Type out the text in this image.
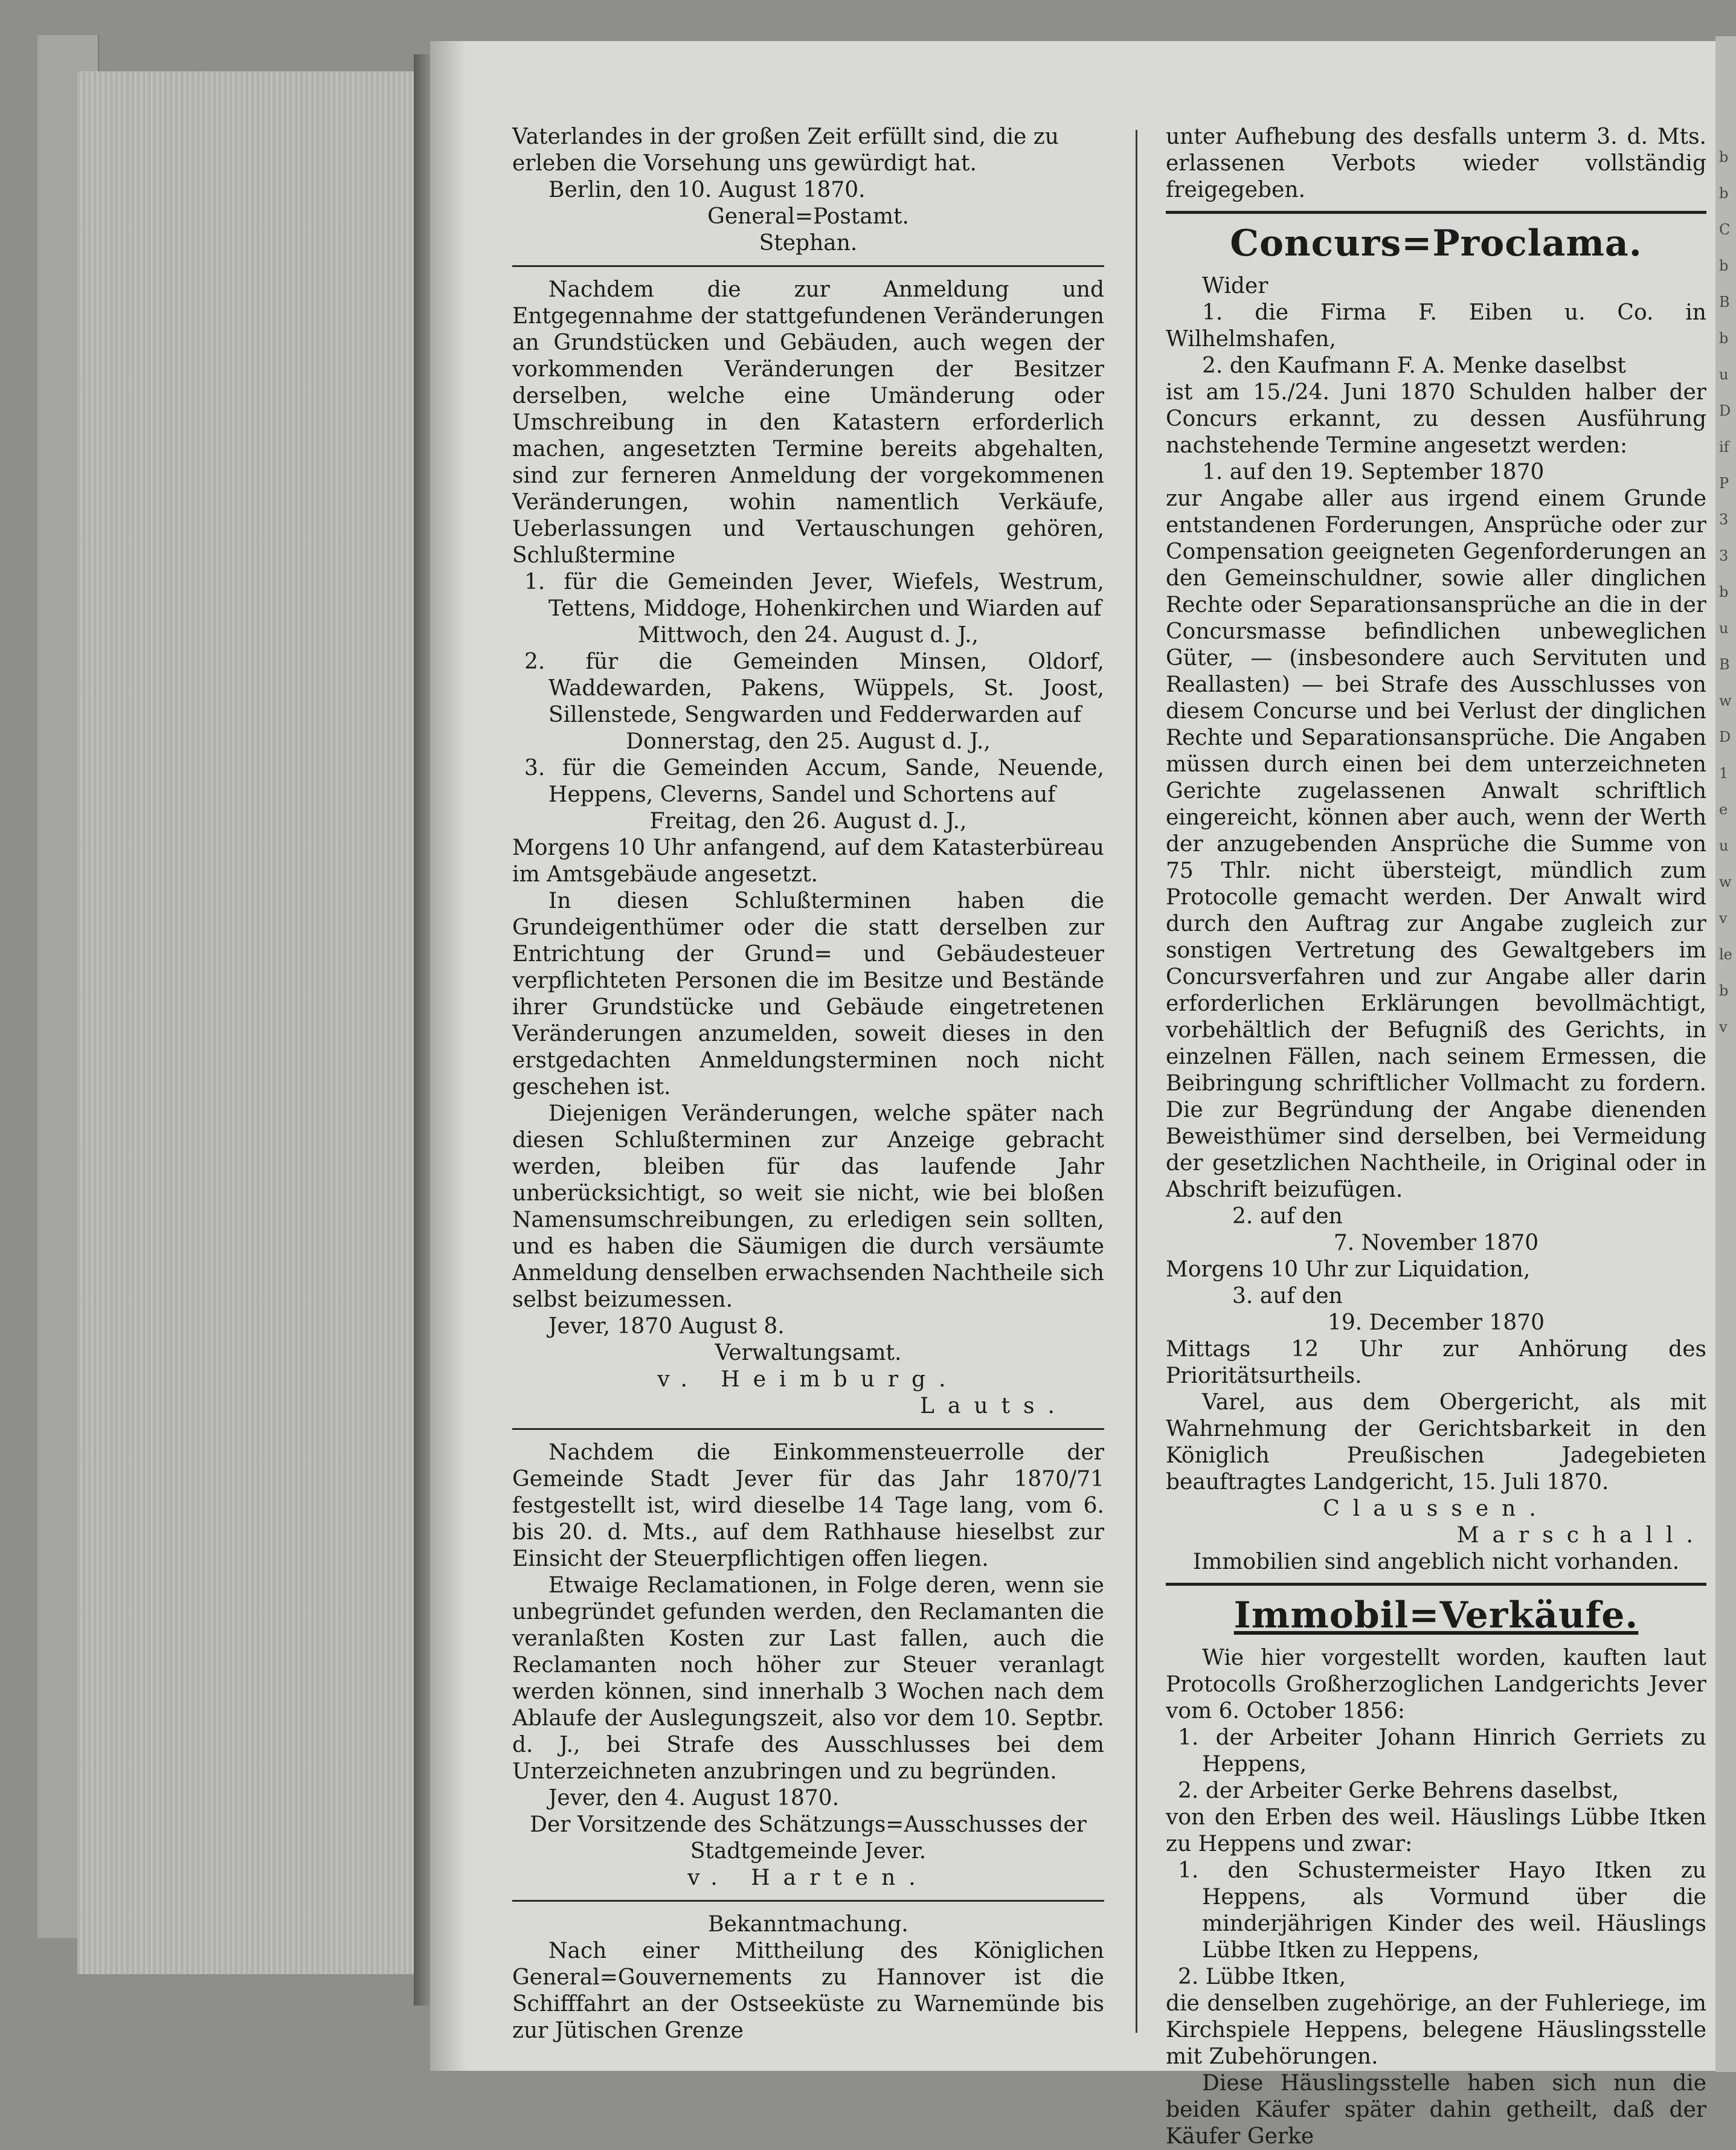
b
b
C
b
B
b
u
D
if
P
3
3
b
u
B
w
D
1
e
u
w
v
le
b
v

Vaterlandes in der großen Zeit erfüllt sind, die zu

erleben die Vorsehung uns gewürdigt hat.

Berlin, den 10. August 1870.

General=Postamt.

Stephan.

Nachdem die zur Anmeldung und Entgegennahme der stattgefundenen Veränderungen an Grundstücken und Gebäuden, auch wegen der vorkommenden Veränderungen der Besitzer derselben, welche eine Umänderung oder Umschreibung in den Katastern erforderlich machen, angesetzten Termine bereits abgehalten, sind zur ferneren Anmeldung der vorgekommenen Veränderungen, wohin namentlich Verkäufe, Ueberlassungen und Vertauschungen gehören, Schlußtermine

1. für die Gemeinden Jever, Wiefels, Westrum, Tettens, Middoge, Hohenkirchen und Wiarden auf

Mittwoch, den 24. August d. J.,

2. für die Gemeinden Minsen, Oldorf, Waddewarden, Pakens, Wüppels, St. Joost, Sillenstede, Sengwarden und Fedderwarden auf

Donnerstag, den 25. August d. J.,

3. für die Gemeinden Accum, Sande, Neuende, Heppens, Cleverns, Sandel und Schortens auf

Freitag, den 26. August d. J.,

Morgens 10 Uhr anfangend, auf dem Katasterbüreau im Amtsgebäude angesetzt.

In diesen Schlußterminen haben die Grundeigenthümer oder die statt derselben zur Entrichtung der Grund= und Gebäudesteuer verpflichteten Personen die im Besitze und Bestände ihrer Grundstücke und Gebäude eingetretenen Veränderungen anzumelden, soweit dieses in den erstgedachten Anmeldungsterminen noch nicht geschehen ist.

Diejenigen Veränderungen, welche später nach diesen Schlußterminen zur Anzeige gebracht werden, bleiben für das laufende Jahr unberücksichtigt, so weit sie nicht, wie bei bloßen Namensumschreibungen, zu erledigen sein sollten, und es haben die Säumigen die durch versäumte Anmeldung denselben erwachsenden Nachtheile sich selbst beizumessen.

Jever, 1870 August 8.

Verwaltungsamt.

v. Heimburg.

Lauts.

Nachdem die Einkommensteuerrolle der Gemeinde Stadt Jever für das Jahr 1870/71 festgestellt ist, wird dieselbe 14 Tage lang, vom 6. bis 20. d. Mts., auf dem Rathhause hieselbst zur Einsicht der Steuerpflichtigen offen liegen.

Etwaige Reclamationen, in Folge deren, wenn sie unbegründet gefunden werden, den Reclamanten die veranlaßten Kosten zur Last fallen, auch die Reclamanten noch höher zur Steuer veranlagt werden können, sind innerhalb 3 Wochen nach dem Ablaufe der Auslegungszeit, also vor dem 10. Septbr. d. J., bei Strafe des Ausschlusses bei dem Unterzeichneten anzubringen und zu begründen.

Jever, den 4. August 1870.

Der Vorsitzende des Schätzungs=Ausschusses der Stadtgemeinde Jever.

v. Harten.

Bekanntmachung.

Nach einer Mittheilung des Königlichen General=Gouvernements zu Hannover ist die Schifffahrt an der Ostseeküste zu Warnemünde bis zur Jütischen Grenze

unter Aufhebung des desfalls unterm 3. d. Mts. erlassenen Verbots wieder vollständig freigegeben.

Concurs=Proclama.

Wider

1. die Firma F. Eiben u. Co. in Wilhelmshafen,

2. den Kaufmann F. A. Menke daselbst

ist am 15./24. Juni 1870 Schulden halber der Concurs erkannt, zu dessen Ausführung nachstehende Termine angesetzt werden:

1. auf den 19. September 1870

zur Angabe aller aus irgend einem Grunde entstandenen Forderungen, Ansprüche oder zur Compensation geeigneten Gegenforderungen an den Gemeinschuldner, sowie aller dinglichen Rechte oder Separationsansprüche an die in der Concursmasse befindlichen unbeweglichen Güter, — (insbesondere auch Servituten und Reallasten) — bei Strafe des Ausschlusses von diesem Concurse und bei Verlust der dinglichen Rechte und Separationsansprüche. Die Angaben müssen durch einen bei dem unterzeichneten Gerichte zugelassenen Anwalt schriftlich eingereicht, können aber auch, wenn der Werth der anzugebenden Ansprüche die Summe von 75 Thlr. nicht übersteigt, mündlich zum Protocolle gemacht werden. Der Anwalt wird durch den Auftrag zur Angabe zugleich zur sonstigen Vertretung des Gewaltgebers im Concursverfahren und zur Angabe aller darin erforderlichen Erklärungen bevollmächtigt, vorbehältlich der Befugniß des Gerichts, in einzelnen Fällen, nach seinem Ermessen, die Beibringung schriftlicher Vollmacht zu fordern. Die zur Begründung der Angabe dienenden Beweisthümer sind derselben, bei Vermeidung der gesetzlichen Nachtheile, in Original oder in Abschrift beizufügen.

2. auf den

7. November 1870

Morgens 10 Uhr zur Liquidation,

3. auf den

19. December 1870

Mittags 12 Uhr zur Anhörung des Prioritätsurtheils.

Varel, aus dem Obergericht, als mit Wahrnehmung der Gerichtsbarkeit in den Königlich Preußischen Jadegebieten beauftragtes Landgericht, 15. Juli 1870.

Claussen.

Marschall.

Immobilien sind angeblich nicht vorhanden.

Immobil=Verkäufe.

Wie hier vorgestellt worden, kauften laut Protocolls Großherzoglichen Landgerichts Jever vom 6. October 1856:

1. der Arbeiter Johann Hinrich Gerriets zu Heppens,

2. der Arbeiter Gerke Behrens daselbst,

von den Erben des weil. Häuslings Lübbe Itken zu Heppens und zwar:

1. den Schustermeister Hayo Itken zu Heppens, als Vormund über die minderjährigen Kinder des weil. Häuslings Lübbe Itken zu Heppens,

2. Lübbe Itken,

die denselben zugehörige, an der Fuhleriege, im Kirchspiele Heppens, belegene Häuslingsstelle mit Zubehörungen.

Diese Häuslingsstelle haben sich nun die beiden Käufer später dahin getheilt, daß der Käufer Gerke
